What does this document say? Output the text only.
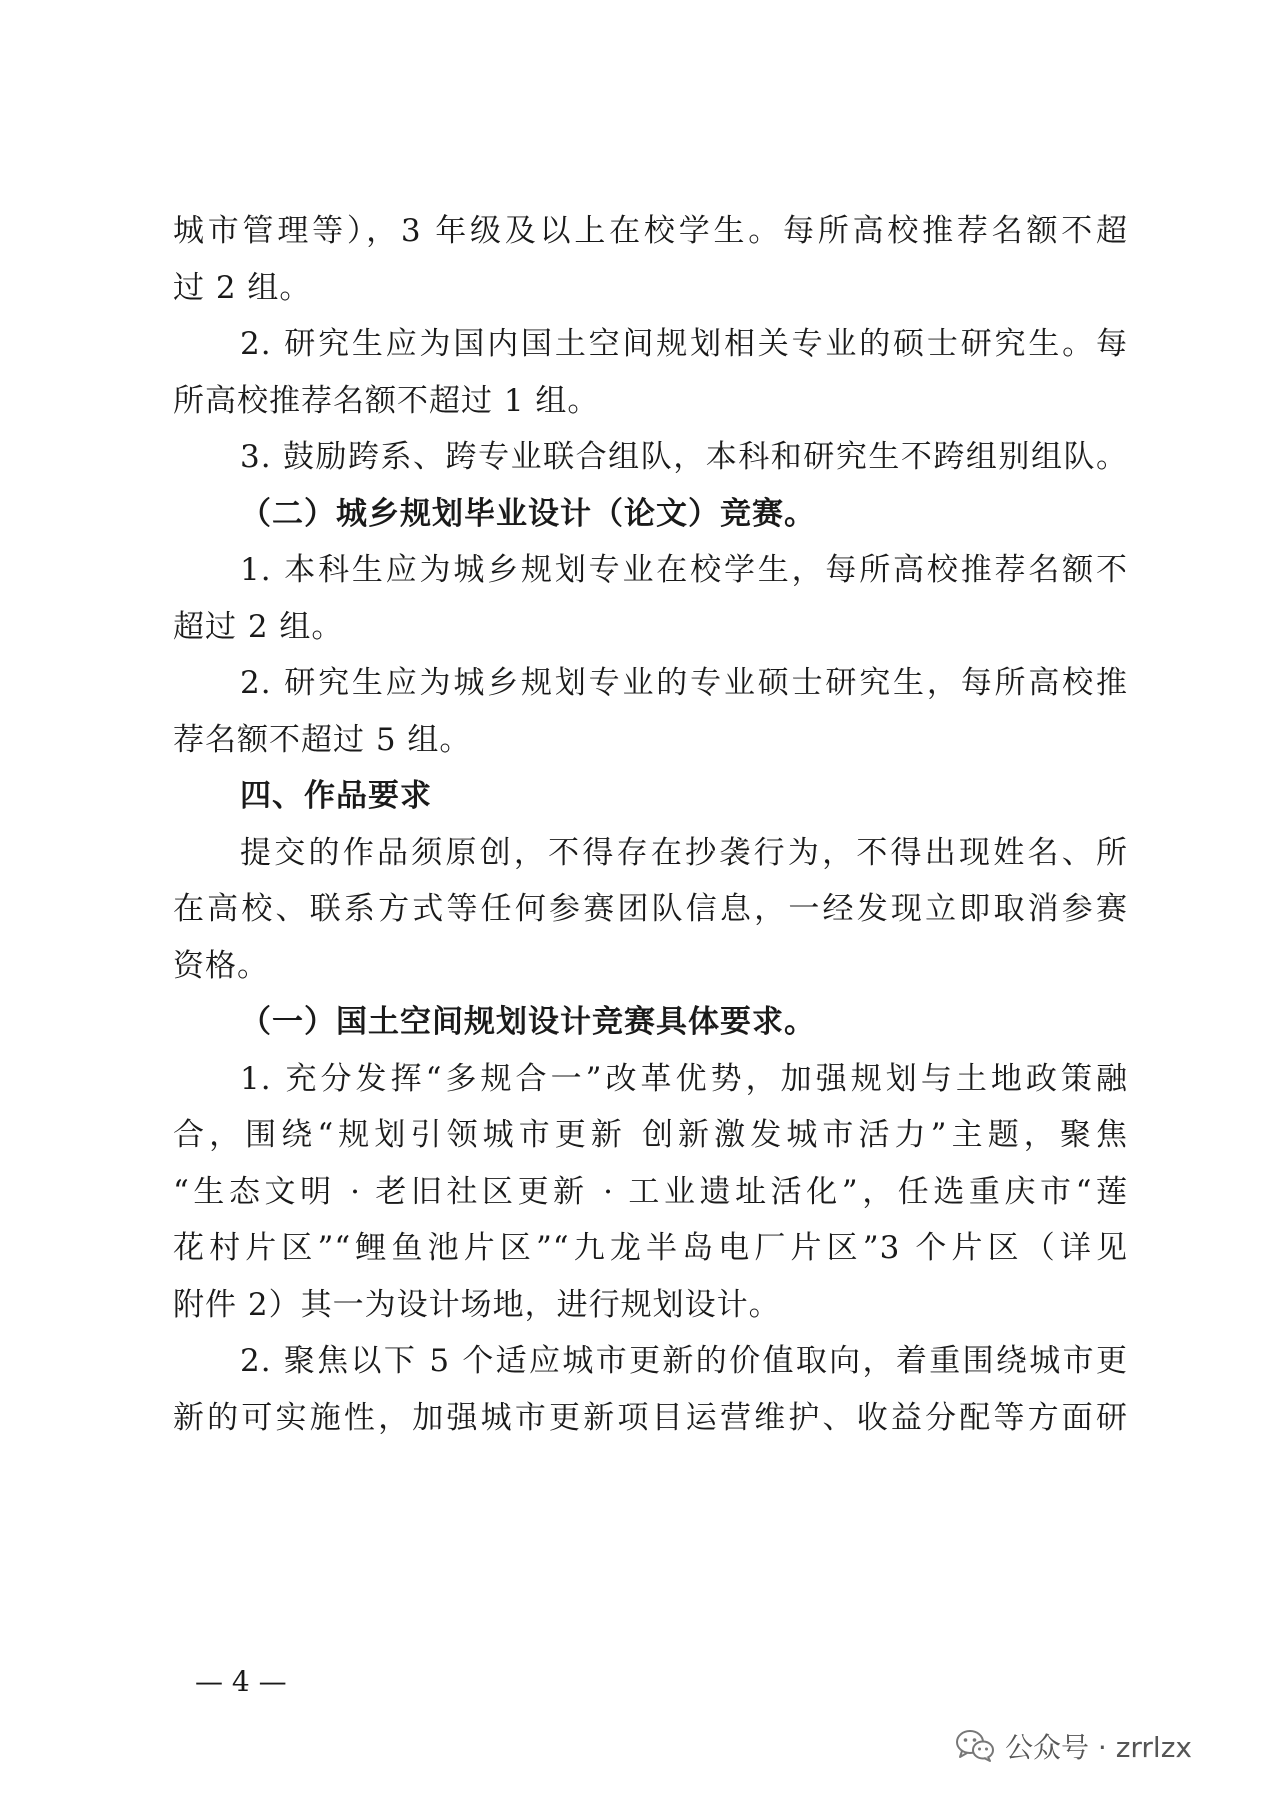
城市管理等），3 年级及以上在校学生。每所高校推荐名额不超
过 2 组。
2. 研究生应为国内国土空间规划相关专业的硕士研究生。每
所高校推荐名额不超过 1 组。
3. 鼓励跨系、跨专业联合组队，本科和研究生不跨组别组队。
（二）城乡规划毕业设计（论文）竞赛。
1. 本科生应为城乡规划专业在校学生，每所高校推荐名额不
超过 2 组。
2. 研究生应为城乡规划专业的专业硕士研究生，每所高校推
荐名额不超过 5 组。
四、作品要求
提交的作品须原创，不得存在抄袭行为，不得出现姓名、所
在高校、联系方式等任何参赛团队信息，一经发现立即取消参赛
资格。
（一）国土空间规划设计竞赛具体要求。
1. 充分发挥“多规合一”改革优势，加强规划与土地政策融
合，围绕“规划引领城市更新 创新激发城市活力”主题，聚焦
“生态文明 · 老旧社区更新 · 工业遗址活化”，任选重庆市“莲
花村片区”“鲤鱼池片区”“九龙半岛电厂片区”3 个片区（详见
附件 2）其一为设计场地，进行规划设计。
2. 聚焦以下 5 个适应城市更新的价值取向，着重围绕城市更
新的可实施性，加强城市更新项目运营维护、收益分配等方面研
— 4 —
公众号 · zrrlzx
